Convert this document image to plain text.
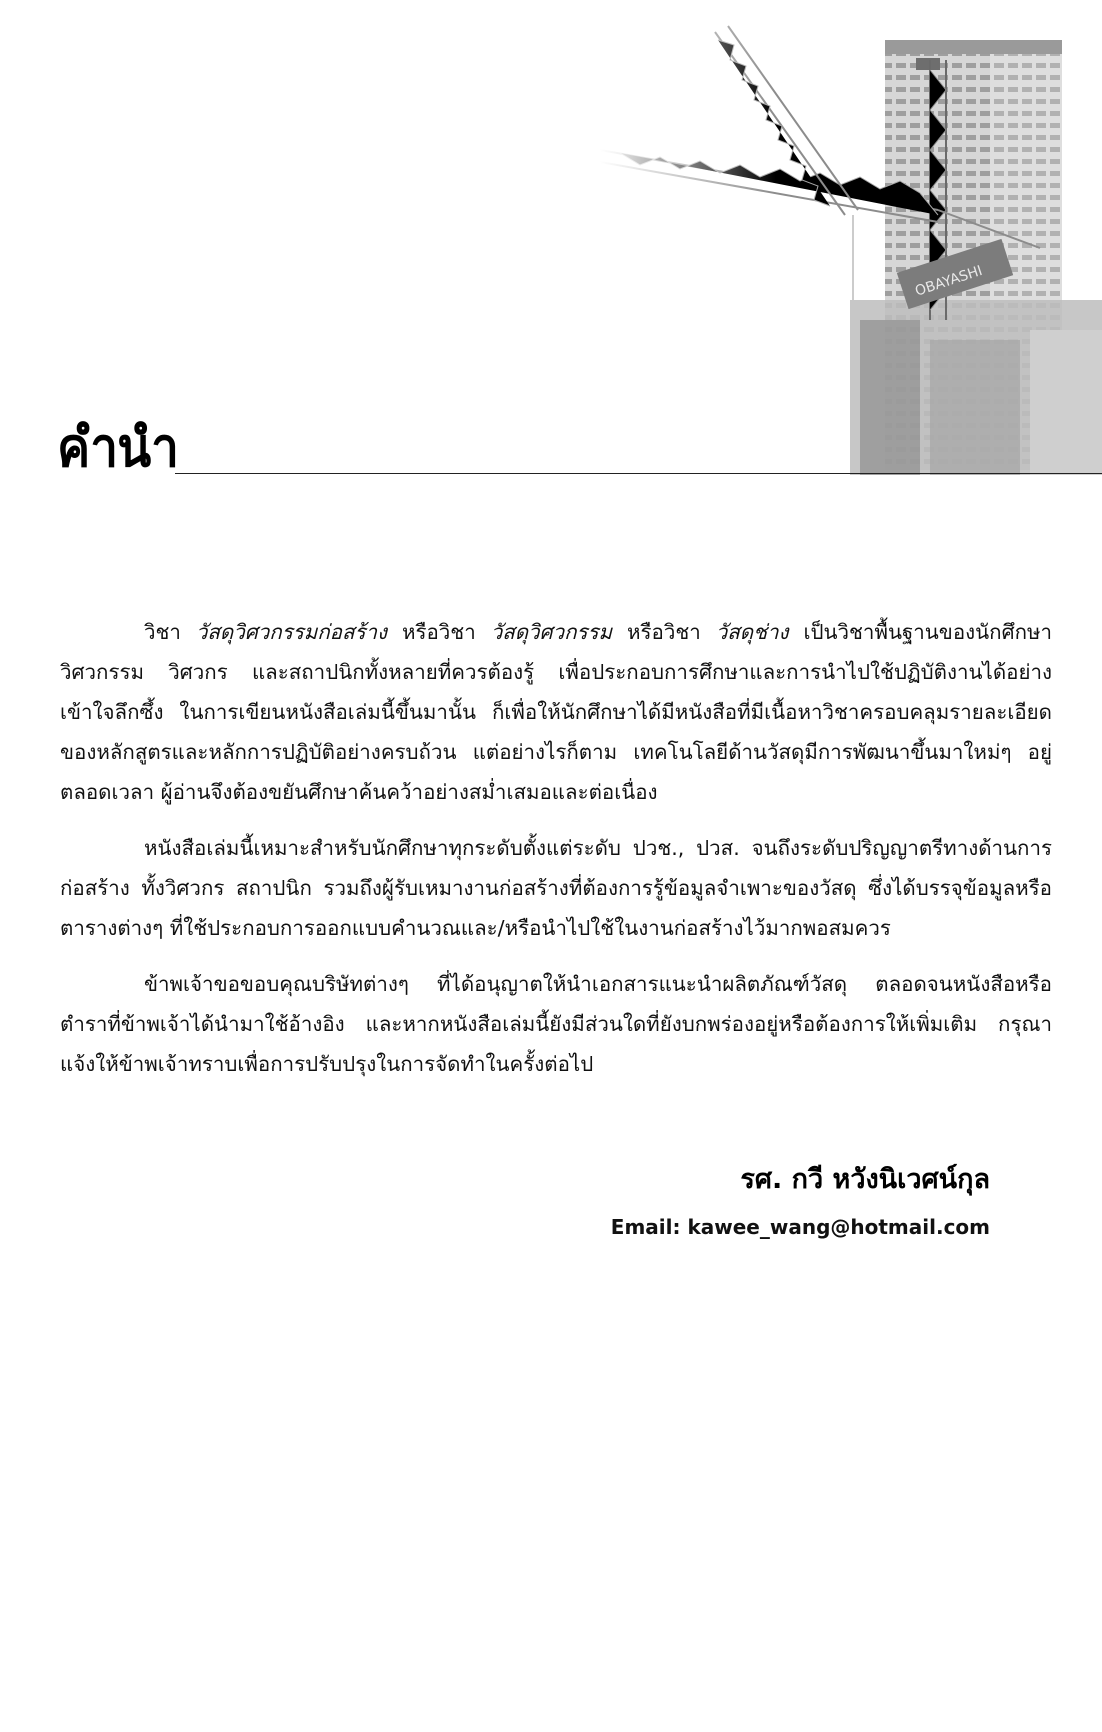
คำนำ

วิชา วัสดุวิศวกรรมก่อสร้าง หรือวิชา วัสดุวิศวกรรม หรือวิชา วัสดุช่าง เป็นวิชาพื้นฐานของนักศึกษาวิศวกรรม วิศวกร และสถาปนิกทั้งหลายที่ควรต้องรู้ เพื่อประกอบการศึกษาและการนำไปใช้ปฏิบัติงานได้อย่างเข้าใจลึกซึ้ง ในการเขียนหนังสือเล่มนี้ขึ้นมานั้น ก็เพื่อให้นักศึกษาได้มีหนังสือที่มีเนื้อหาวิชาครอบคลุมรายละเอียดของหลักสูตรและหลักการปฏิบัติอย่างครบถ้วน แต่อย่างไรก็ตาม เทคโนโลยีด้านวัสดุมีการพัฒนาขึ้นมาใหม่ๆ อยู่ตลอดเวลา ผู้อ่านจึงต้องขยันศึกษาค้นคว้าอย่างสม่ำเสมอและต่อเนื่อง

หนังสือเล่มนี้เหมาะสำหรับนักศึกษาทุกระดับตั้งแต่ระดับ ปวช., ปวส. จนถึงระดับปริญญาตรีทางด้านการก่อสร้าง ทั้งวิศวกร สถาปนิก รวมถึงผู้รับเหมางานก่อสร้างที่ต้องการรู้ข้อมูลจำเพาะของวัสดุ ซึ่งได้บรรจุข้อมูลหรือตารางต่างๆ ที่ใช้ประกอบการออกแบบคำนวณและ/หรือนำไปใช้ในงานก่อสร้างไว้มากพอสมควร

ข้าพเจ้าขอขอบคุณบริษัทต่างๆ ที่ได้อนุญาตให้นำเอกสารแนะนำผลิตภัณฑ์วัสดุ ตลอดจนหนังสือหรือตำราที่ข้าพเจ้าได้นำมาใช้อ้างอิง และหากหนังสือเล่มนี้ยังมีส่วนใดที่ยังบกพร่องอยู่หรือต้องการให้เพิ่มเติม กรุณาแจ้งให้ข้าพเจ้าทราบเพื่อการปรับปรุงในการจัดทำในครั้งต่อไป

รศ. กวี หวังนิเวศน์กุล
Email: kawee_wang@hotmail.com
